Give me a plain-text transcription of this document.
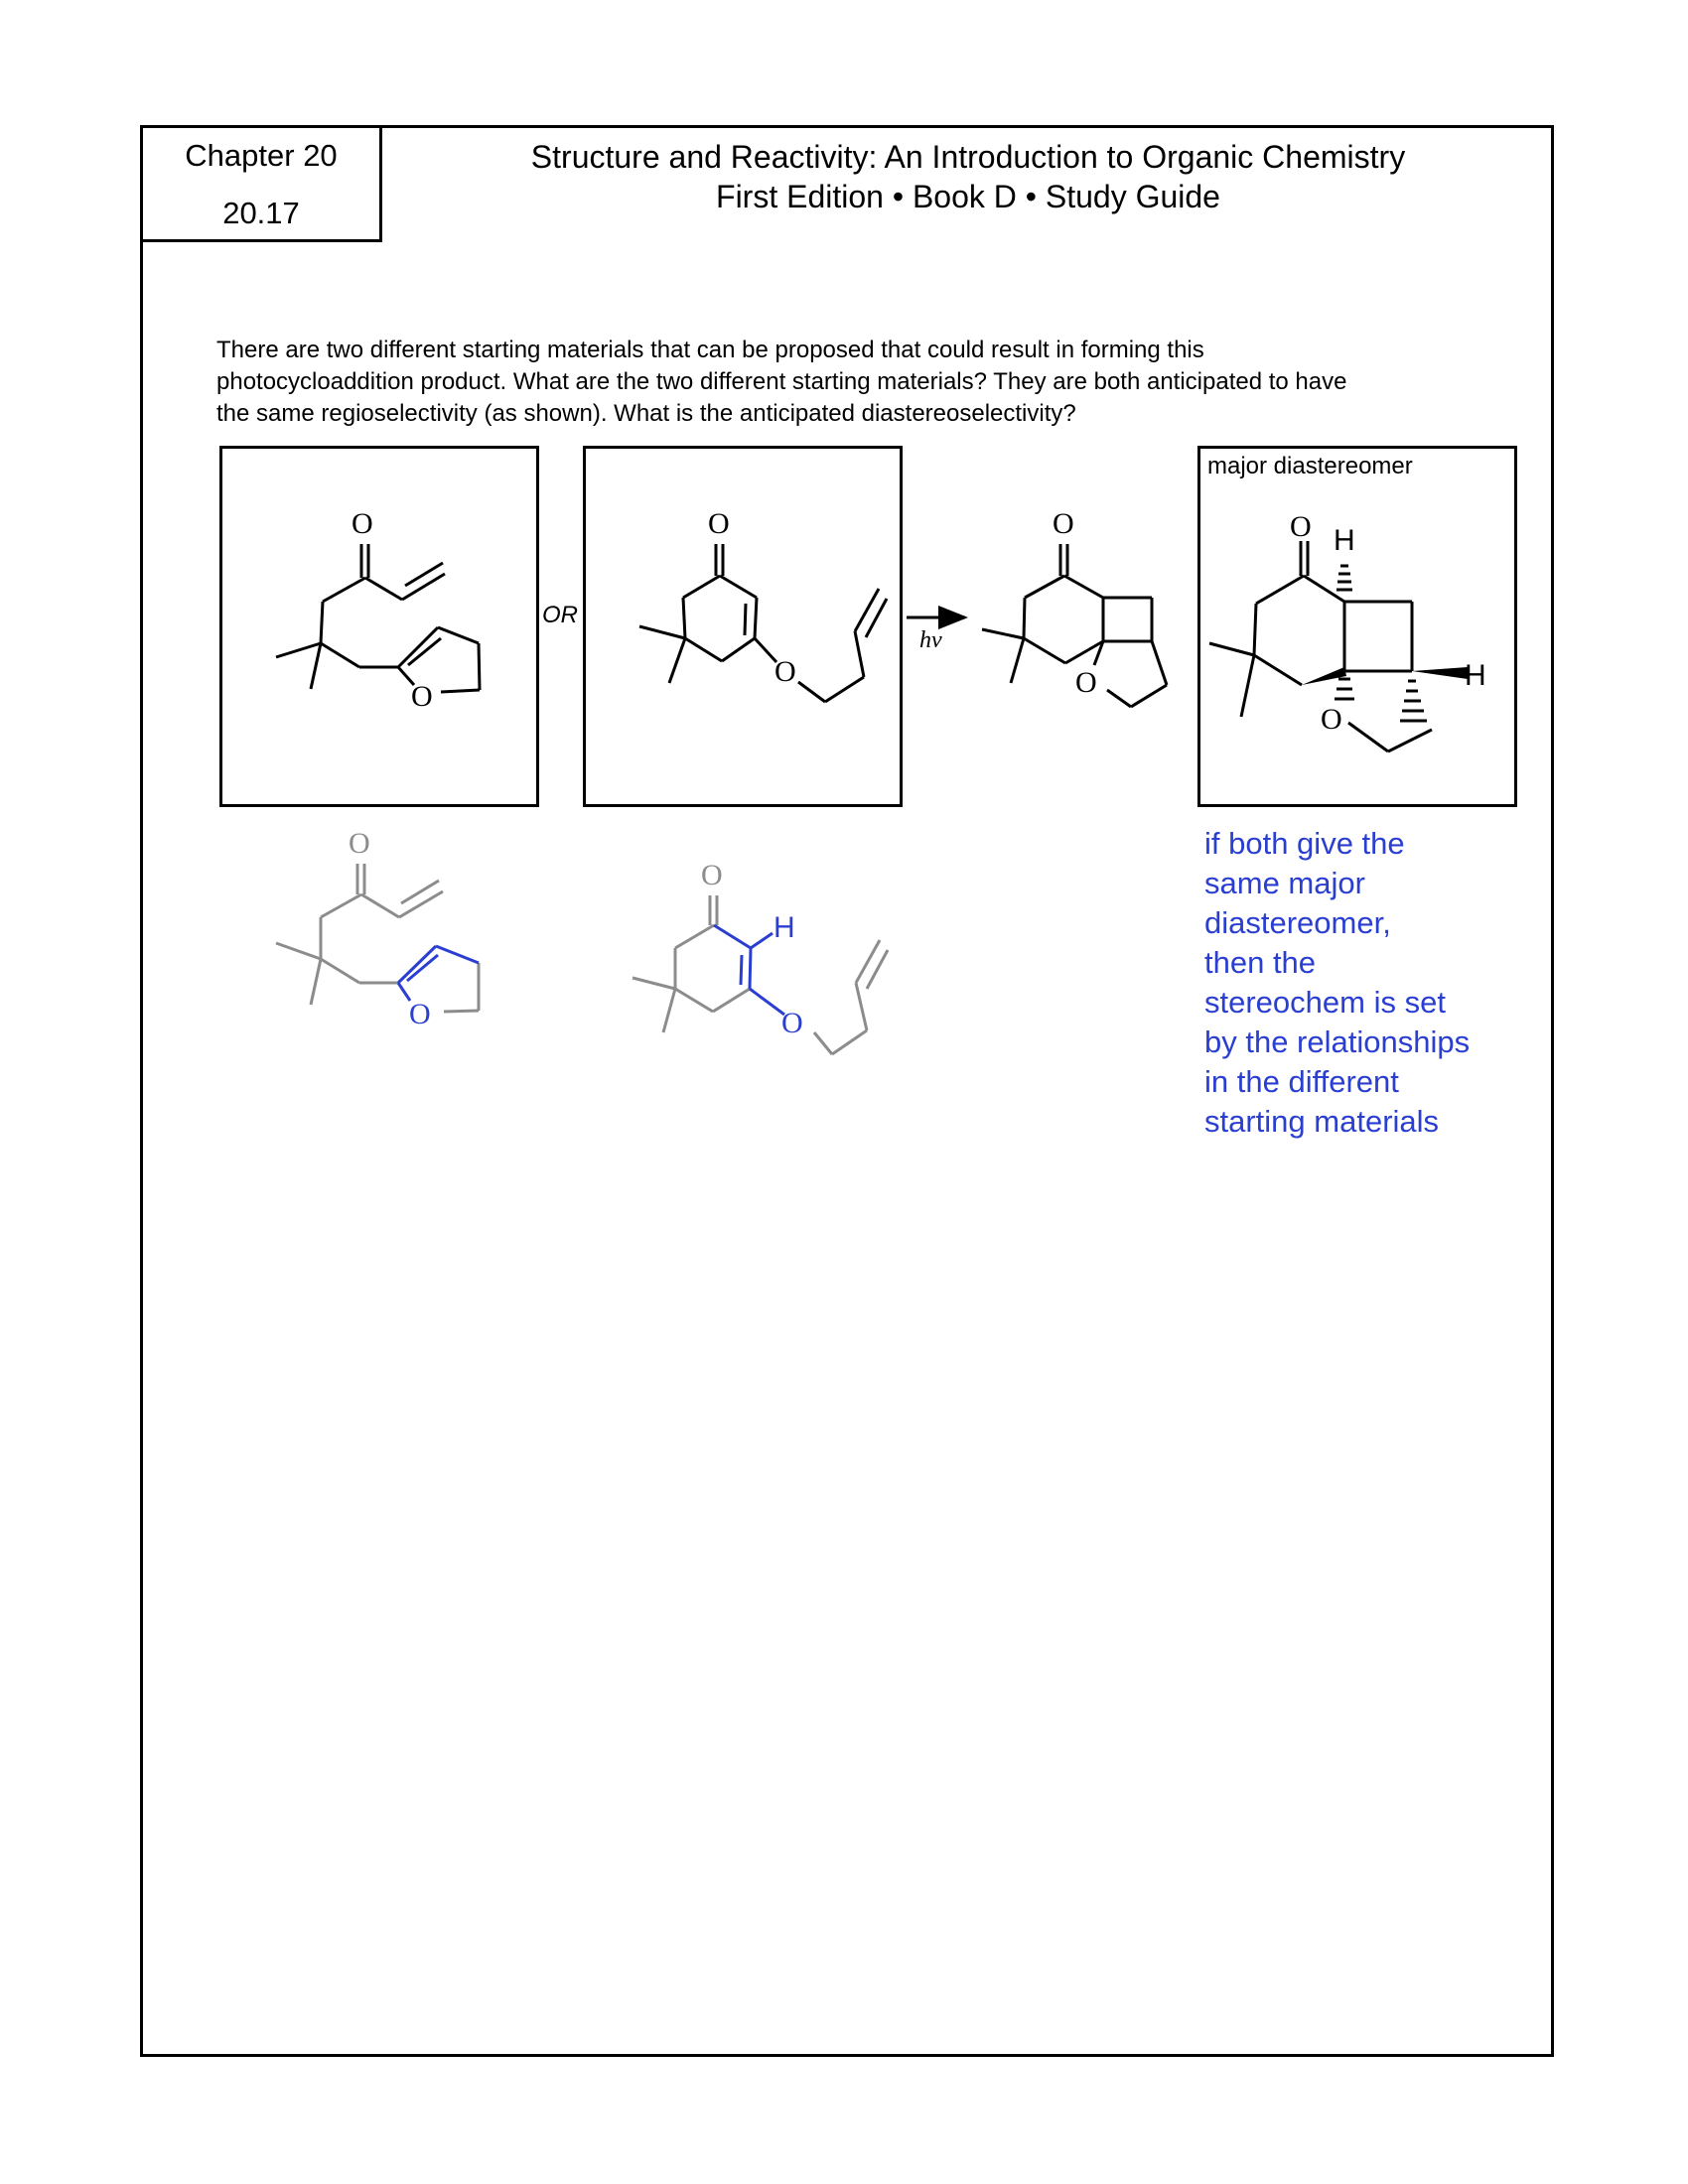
Chapter 20
20.17
Structure and Reactivity: An Introduction to Organic Chemistry
First Edition • Book D • Study Guide

There are two different starting materials that can be proposed that could result in forming this

photocycloaddition product. What are the two different starting materials? They are both anticipated to have

the same regioselectivity (as shown). What is the anticipated diastereoselectivity?

major diastereomer
OR
hν
O
O
O
O
O
O
O H
H
O
O
O
O
H
O
if both give the
same major
diastereomer,
then the
stereochem is set
by the relationships
in the different
starting materials
